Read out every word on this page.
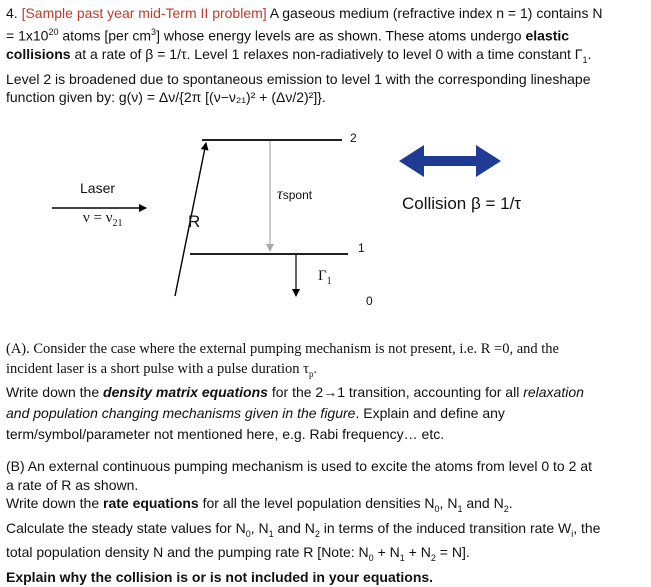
4. [Sample past year mid-Term II problem] A gaseous medium (refractive index n = 1) contains N
= $1x10^{20}$ atoms [per $cm^3$] whose energy levels are as shown. These atoms undergo elastic
collisions at a rate of β = 1/τ. Level 1 relaxes non-radiatively to level 0 with a time constant $\Gamma_1$.
Level 2 is broadened due to spontaneous emission to level 1 with the corresponding lineshape
function given by: g(ν) = Δν/{2π [(ν−ν₂₁)² + (Δν/2)²]}.
Laser
$\nu = \nu_{21}$	R
τspont
$\Gamma_1$
2
1
0
Collision β = 1/τ
(A). Consider the case where the external pumping mechanism is not present, i.e. R =0, and the
incident laser is a short pulse with a pulse duration $\tau_p$.
Write down the density matrix equations for the 2→1 transition, accounting for all relaxation
and population changing mechanisms given in the figure. Explain and define any
term/symbol/parameter not mentioned here, e.g. Rabi frequency… etc.
(B) An external continuous pumping mechanism is used to excite the atoms from level 0 to 2 at
a rate of R as shown.
Write down the rate equations for all the level population densities $N_0$, $N_1$ and $N_2$.
Calculate the steady state values for $N_0$, $N_1$ and $N_2$ in terms of the induced transition rate $W_i$, the
total population density N and the pumping rate R [Note: $N_0 + N_1 + N_2 = N$].
Explain why the collision is or is not included in your equations.
